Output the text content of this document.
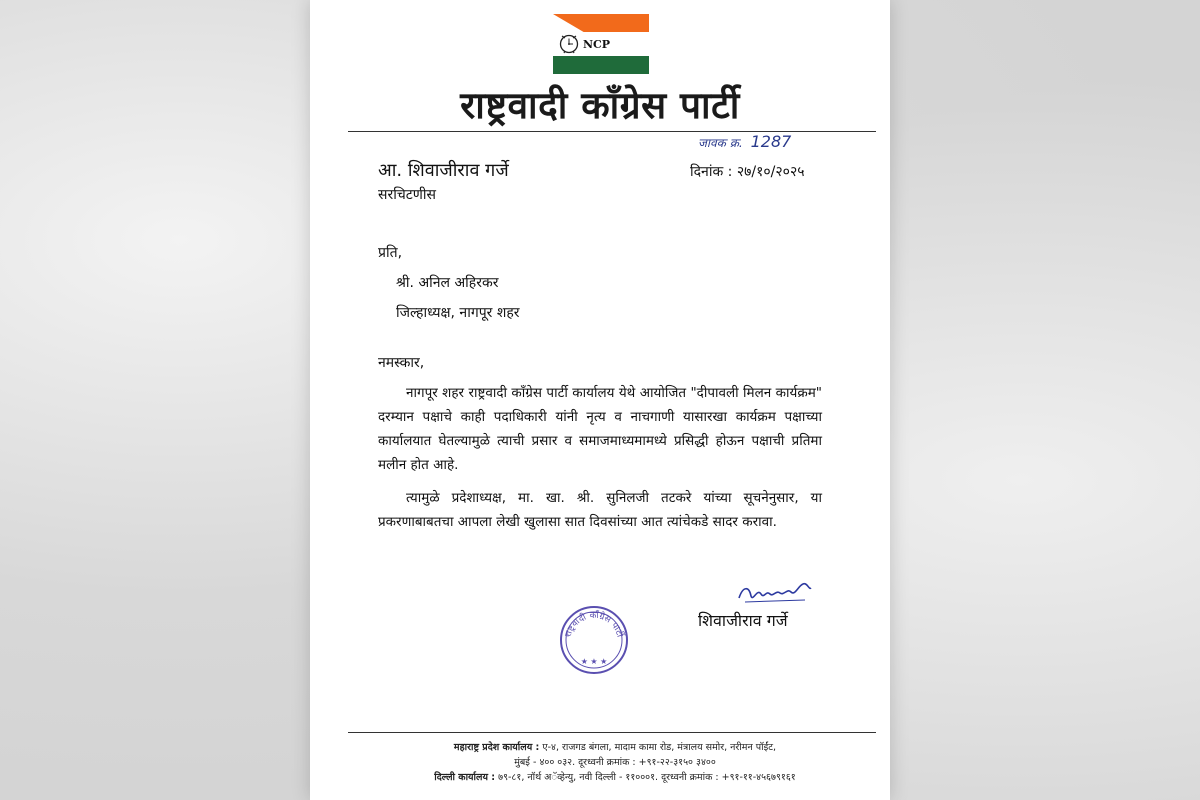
NCP
राष्ट्रवादी काँग्रेस पार्टी
जावक क्र. 1287
आ. शिवाजीराव गर्जे
सरचिटणीस
दिनांक : २७/१०/२०२५
प्रति,
श्री. अनिल अहिरकर
जिल्हाध्यक्ष, नागपूर शहर
नमस्कार,

नागपूर शहर राष्ट्रवादी काँग्रेस पार्टी कार्यालय येथे आयोजित "दीपावली मिलन कार्यक्रम" दरम्यान पक्षाचे काही पदाधिकारी यांनी नृत्य व नाचगाणी यासारखा कार्यक्रम पक्षाच्या कार्यालयात घेतल्यामुळे त्याची प्रसार व समाजमाध्यमामध्ये प्रसिद्धी होऊन पक्षाची प्रतिमा मलीन होत आहे.

त्यामुळे प्रदेशाध्यक्ष, मा. खा. श्री. सुनिलजी तटकरे यांच्या सूचनेनुसार, या प्रकरणाबाबतचा आपला लेखी खुलासा सात दिवसांच्या आत त्यांचेकडे सादर करावा.

राष्ट्रवादी काँग्रेस पार्टी
★ ★ ★
शिवाजीराव गर्जे
महाराष्ट्र प्रदेश कार्यालय : ए-४, राजगड बंगला, मादाम कामा रोड, मंत्रालय समोर, नरीमन पॉईंट,
मुंबई - ४०० ०३२. दूरध्वनी क्रमांक : +९१-२२-३१५० ३४००
दिल्ली कार्यालय : ७९-८१, नॉर्थ अॅव्हेन्यु, नवी दिल्ली - ११०००१. दूरध्वनी क्रमांक : +९१-११-४५६७९१६१
